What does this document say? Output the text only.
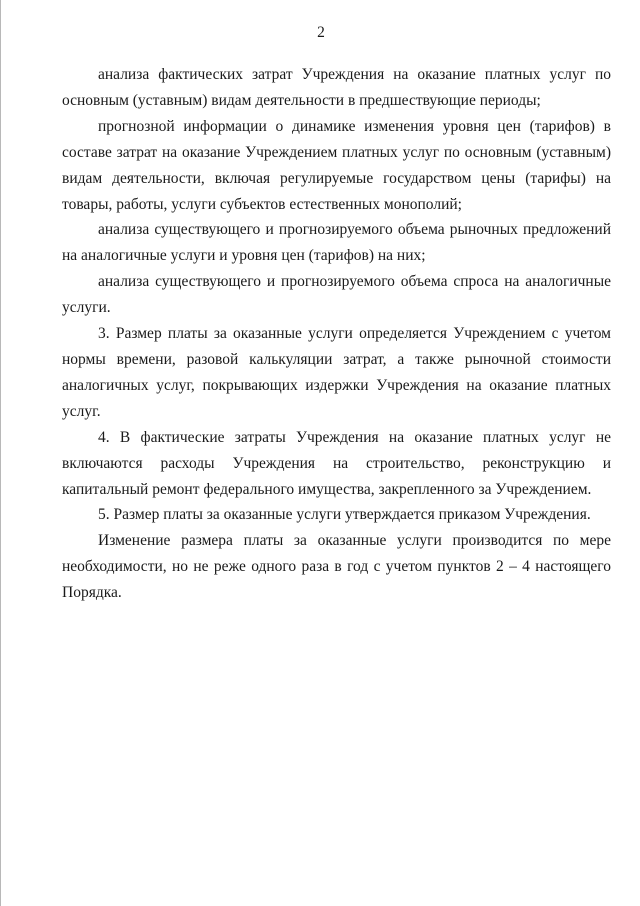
2

анализа фактических затрат Учреждения на оказание платных услуг по основным (уставным) видам деятельности в предшествующие периоды;

прогнозной информации о динамике изменения уровня цен (тарифов) в составе затрат на оказание Учреждением платных услуг по основным (уставным) видам деятельности, включая регулируемые государством цены (тарифы) на товары, работы, услуги субъектов естественных монополий;

анализа существующего и прогнозируемого объема рыночных предложений на аналогичные услуги и уровня цен (тарифов) на них;

анализа существующего и прогнозируемого объема спроса на аналогичные услуги.

3. Размер платы за оказанные услуги определяется Учреждением с учетом нормы времени, разовой калькуляции затрат, а также рыночной стоимости аналогичных услуг, покрывающих издержки Учреждения на оказание платных услуг.

4. В фактические затраты Учреждения на оказание платных услуг не включаются расходы Учреждения на строительство, реконструкцию и капитальный ремонт федерального имущества, закрепленного за Учреждением.

5. Размер платы за оказанные услуги утверждается приказом Учреждения.

Изменение размера платы за оказанные услуги производится по мере необходимости, но не реже одного раза в год с учетом пунктов 2 – 4 настоящего Порядка.
